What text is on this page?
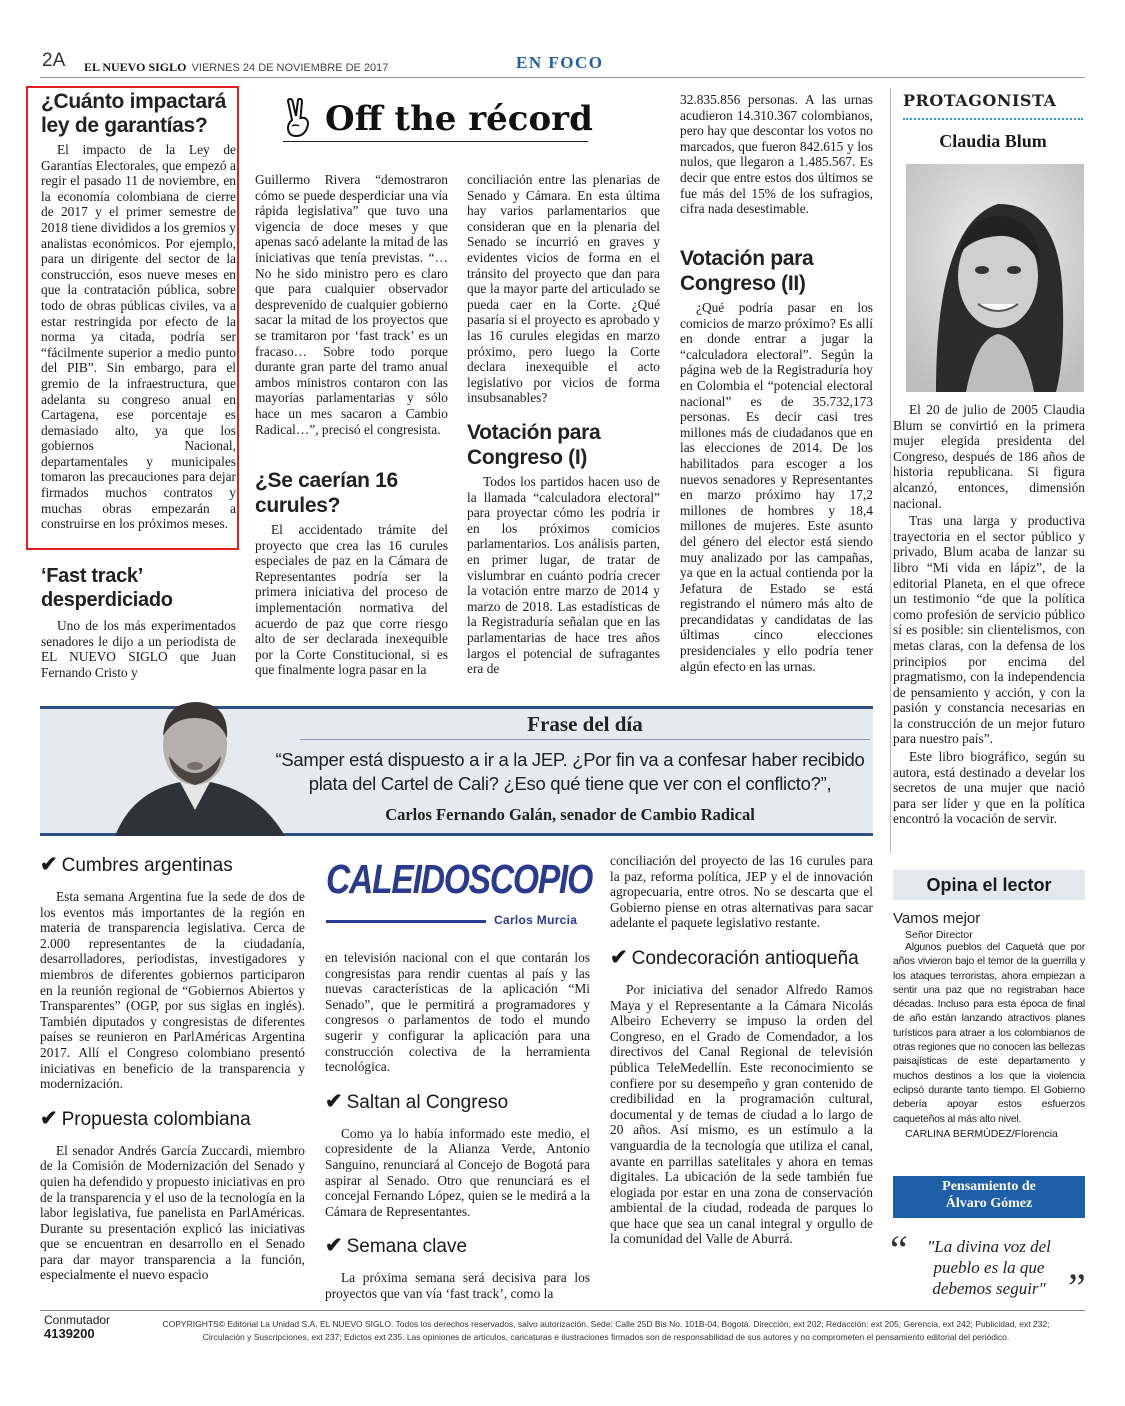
2A EL NUEVO SIGLO VIERNES 24 DE NOVIEMBRE DE 2017	EN FOCO
¿Cuánto impactará ley de garantías?

El impacto de la Ley de Garantías Electorales, que empezó a regir el pasado 11 de noviembre, en la economía colombiana de cierre de 2017 y el primer semestre de 2018 tiene divididos a los gremios y analistas económicos. Por ejemplo, para un dirigente del sector de la construcción, esos nueve meses en que la contratación pública, sobre todo de obras públicas civiles, va a estar restringida por efecto de la norma ya citada, podría ser “fácilmente superior a medio punto del PIB”. Sin embargo, para el gremio de la infraestructura, que adelanta su congreso anual en Cartagena, ese porcentaje es demasiado alto, ya que los gobiernos Nacional, departamentales y municipales tomaron las precauciones para dejar firmados muchos contratos y muchas obras empezarán a construirse en los próximos meses.

‘Fast track’ desperdiciado

Uno de los más experimentados senadores le dijo a un periodista de EL NUEVO SIGLO que Juan Fernando Cristo y

Off the récord

Guillermo Rivera “demostraron cómo se puede desperdiciar una vía rápida legislativa” que tuvo una vigencia de doce meses y que apenas sacó adelante la mitad de las iniciativas que tenía previstas. “… No he sido ministro pero es claro que para cualquier observador desprevenido de cualquier gobierno sacar la mitad de los proyectos que se tramitaron por ‘fast track’ es un fracaso… Sobre todo porque durante gran parte del tramo anual ambos ministros contaron con las mayorías parlamentarias y sólo hace un mes sacaron a Cambio Radical…”, precisó el congresista.

¿Se caerían 16 curules?

El accidentado trámite del proyecto que crea las 16 curules especiales de paz en la Cámara de Representantes podría ser la primera iniciativa del proceso de implementación normativa del acuerdo de paz que corre riesgo alto de ser declarada inexequible por la Corte Constitucional, si es que finalmente logra pasar en la

conciliación entre las plenarias de Senado y Cámara. En esta última hay varios parlamentarios que consideran que en la plenaria del Senado se incurrió en graves y evidentes vicios de forma en el tránsito del proyecto que dan para que la mayor parte del articulado se pueda caer en la Corte. ¿Qué pasaría si el proyecto es aprobado y las 16 curules elegidas en marzo próximo, pero luego la Corte declara inexequible el acto legislativo por vicios de forma insubsanables?

Votación para Congreso (I)

Todos los partidos hacen uso de la llamada “calculadora electoral” para proyectar cómo les podría ir en los próximos comicios parlamentarios. Los análisis parten, en primer lugar, de tratar de vislumbrar en cuánto podría crecer la votación entre marzo de 2014 y marzo de 2018. Las estadísticas de la Registraduría señalan que en las parlamentarias de hace tres años largos el potencial de sufragantes era de

32.835.856 personas. A las urnas acudieron 14.310.367 colombianos, pero hay que descontar los votos no marcados, que fueron 842.615 y los nulos, que llegaron a 1.485.567. Es decir que entre estos dos últimos se fue más del 15% de los sufragios, cifra nada desestimable.

Votación para Congreso (II)

¿Qué podría pasar en los comicios de marzo próximo? Es allí en donde entrar a jugar la “calculadora electoral”. Según la página web de la Registraduría hoy en Colombia el “potencial electoral nacional” es de 35.732,173 personas. Es decir casi tres millones más de ciudadanos que en las elecciones de 2014. De los habilitados para escoger a los nuevos senadores y Representantes en marzo próximo hay 17,2 millones de hombres y 18,4 millones de mujeres. Este asunto del género del elector está siendo muy analizado por las campañas, ya que en la actual contienda por la Jefatura de Estado se está registrando el número más alto de precandidatas y candidatas de las últimas cinco elecciones presidenciales y ello podría tener algún efecto en las urnas.

PROTAGONISTA
Claudia Blum

El 20 de julio de 2005 Claudia Blum se convirtió en la primera mujer elegida presidenta del Congreso, después de 186 años de historia republicana. Si figura alcanzó, entonces, dimensión nacional.

Tras una larga y productiva trayectoria en el sector público y privado, Blum acaba de lanzar su libro “Mi vida en lápiz”, de la editorial Planeta, en el que ofrece un testimonio “de que la política como profesión de servicio público sí es posible: sin clientelismos, con metas claras, con la defensa de los principios por encima del pragmatismo, con la independencia de pensamiento y acción, y con la pasión y constancia necesarias en la construcción de un mejor futuro para nuestro país”.

Este libro biográfico, según su autora, está destinado a develar los secretos de una mujer que nació para ser líder y que en la política encontró la vocación de servir.

Frase del día
“Samper está dispuesto a ir a la JEP. ¿Por fin va a confesar haber recibido
plata del Cartel de Cali? ¿Eso qué tiene que ver con el conflicto?”,
Carlos Fernando Galán, senador de Cambio Radical
✔ Cumbres argentinas

Esta semana Argentina fue la sede de dos de los eventos más importantes de la región en materia de transparencia legislativa. Cerca de 2.000 representantes de la ciudadanía, desarrolladores, periodistas, investigadores y miembros de diferentes gobiernos participaron en la reunión regional de “Gobiernos Abiertos y Transparentes” (OGP, por sus siglas en inglés). También diputados y congresistas de diferentes países se reunieron en ParlAméricas Argentina 2017. Allí el Congreso colombiano presentó iniciativas en beneficio de la transparencia y modernización.

✔ Propuesta colombiana

El senador Andrés García Zuccardi, miembro de la Comisión de Modernización del Senado y quien ha defendido y propuesto iniciativas en pro de la transparencia y el uso de la tecnología en la labor legislativa, fue panelista en ParlAméricas. Durante su presentación explicó las iniciativas que se encuentran en desarrollo en el Senado para dar mayor transparencia a la función, especialmente el nuevo espacio

CALEIDOSCOPIO
Carlos Murcia

en televisión nacional con el que contarán los congresistas para rendir cuentas al país y las nuevas características de la aplicación “Mi Senado”, que le permitirá a programadores y congresos o parlamentos de todo el mundo sugerir y configurar la aplicación para una construcción colectiva de la herramienta tecnológica.

✔ Saltan al Congreso

Como ya lo había informado este medio, el copresidente de la Alianza Verde, Antonio Sanguino, renunciará al Concejo de Bogotá para aspirar al Senado. Otro que renunciará es el concejal Fernando López, quien se le medirá a la Cámara de Representantes.

✔ Semana clave

La próxima semana será decisiva para los proyectos que van vía ‘fast track’, como la

conciliación del proyecto de las 16 curules para la paz, reforma política, JEP y el de innovación agropecuaria, entre otros. No se descarta que el Gobierno piense en otras alternativas para sacar adelante el paquete legislativo restante.

✔ Condecoración antioqueña

Por iniciativa del senador Alfredo Ramos Maya y el Representante a la Cámara Nicolás Albeiro Echeverry se impuso la orden del Congreso, en el Grado de Comendador, a los directivos del Canal Regional de televisión pública TeleMedellín. Este reconocimiento se confiere por su desempeño y gran contenido de credibilidad en la programación cultural, documental y de temas de ciudad a lo largo de 20 años. Así mismo, es un estímulo a la vanguardia de la tecnología que utiliza el canal, avante en parrillas satelitales y ahora en temas digitales. La ubicación de la sede también fue elogiada por estar en una zona de conservación ambiental de la ciudad, rodeada de parques lo que hace que sea un canal integral y orgullo de la comunidad del Valle de Aburrá.

Opina el lector
Vamos mejor
Señor Director

Algunos pueblos del Caquetá que por años vivieron bajo el temor de la guerrilla y los ataques terroristas, ahora empiezan a sentir una paz que no registraban hace décadas. Incluso para esta época de final de año están lanzando atractivos planes turísticos para atraer a los colombianos de otras regiones que no conocen las bellezas paisajísticas de este departamento y muchos destinos a los que la violencia eclipsó durante tanto tiempo. El Gobierno debería apoyar estos esfuerzos caqueteños al más alto nivel.

CARLINA BERMÚDEZ/Florencia
Pensamiento de
Álvaro Gómez
“	"La divina voz del pueblo es la que debemos seguir" ”
Conmutador
4139200
COPYRIGHTS© Editorial La Unidad S.A. EL NUEVO SIGLO. Todos los derechos reservados, salvo autorización. Sede: Calle 25D Bis No. 101B-04, Bogotá. Dirección, ext 202; Redacción: ext 205; Gerencia, ext 242; Publicidad, ext 232;
Circulación y Suscripciones, ext 237; Edictos ext 235. Las opiniones de artículos, caricaturas e ilustraciones firmados son de responsabilidad de sus autores y no comprometen el pensamiento editorial del periódico.
